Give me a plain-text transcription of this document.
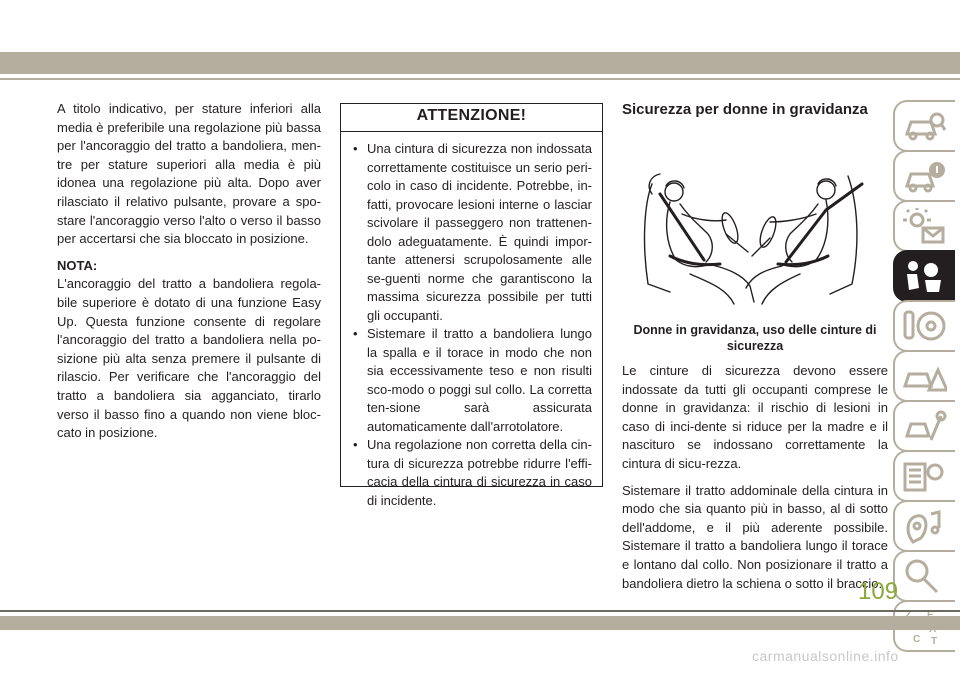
A titolo indicativo, per stature inferiori alla media è preferibile una regolazione più bassa per l'ancoraggio del tratto a bandoliera, men-tre per stature superiori alla media è più idonea una regolazione più alta. Dopo aver rilasciato il relativo pulsante, provare a spo-stare l'ancoraggio verso l'alto o verso il basso per accertarsi che sia bloccato in posizione.

NOTA:

L'ancoraggio del tratto a bandoliera regola-bile superiore è dotato di una funzione Easy Up. Questa funzione consente di regolare l'ancoraggio del tratto a bandoliera nella po-sizione più alta senza premere il pulsante di rilascio. Per verificare che l'ancoraggio del tratto a bandoliera sia agganciato, tirarlo verso il basso fino a quando non viene bloc-cato in posizione.

ATTENZIONE!
• Una cintura di sicurezza non indossata correttamente costituisce un serio peri-colo in caso di incidente. Potrebbe, in-fatti, provocare lesioni interne o lasciar scivolare il passeggero non trattenen-dolo adeguatamente. È quindi impor-tante attenersi scrupolosamente alle se-guenti norme che garantiscono la massima sicurezza possibile per tutti gli occupanti.
• Sistemare il tratto a bandoliera lungo la spalla e il torace in modo che non sia eccessivamente teso e non risulti sco-modo o poggi sul collo. La corretta ten-sione sarà assicurata automaticamente dall'arrotolatore.
• Una regolazione non corretta della cin-tura di sicurezza potrebbe ridurre l'effi-cacia della cintura di sicurezza in caso di incidente.
Sicurezza per donne in gravidanza
Donne in gravidanza, uso delle cinture di sicurezza

Le cinture di sicurezza devono essere indossate da tutti gli occupanti comprese le donne in gravidanza: il rischio di lesioni in caso di inci-dente si riduce per la madre e il nascituro se indossano correttamente la cintura di sicu-rezza.

Sistemare il tratto addominale della cintura in modo che sia quanto più in basso, al di sotto dell'addome, e il più aderente possibile. Sistemare il tratto a bandoliera lungo il torace e lontano dal collo. Non posizionare il tratto a bandoliera dietro la schiena o sotto il braccio.

C T
109
carmanualsonline.info
